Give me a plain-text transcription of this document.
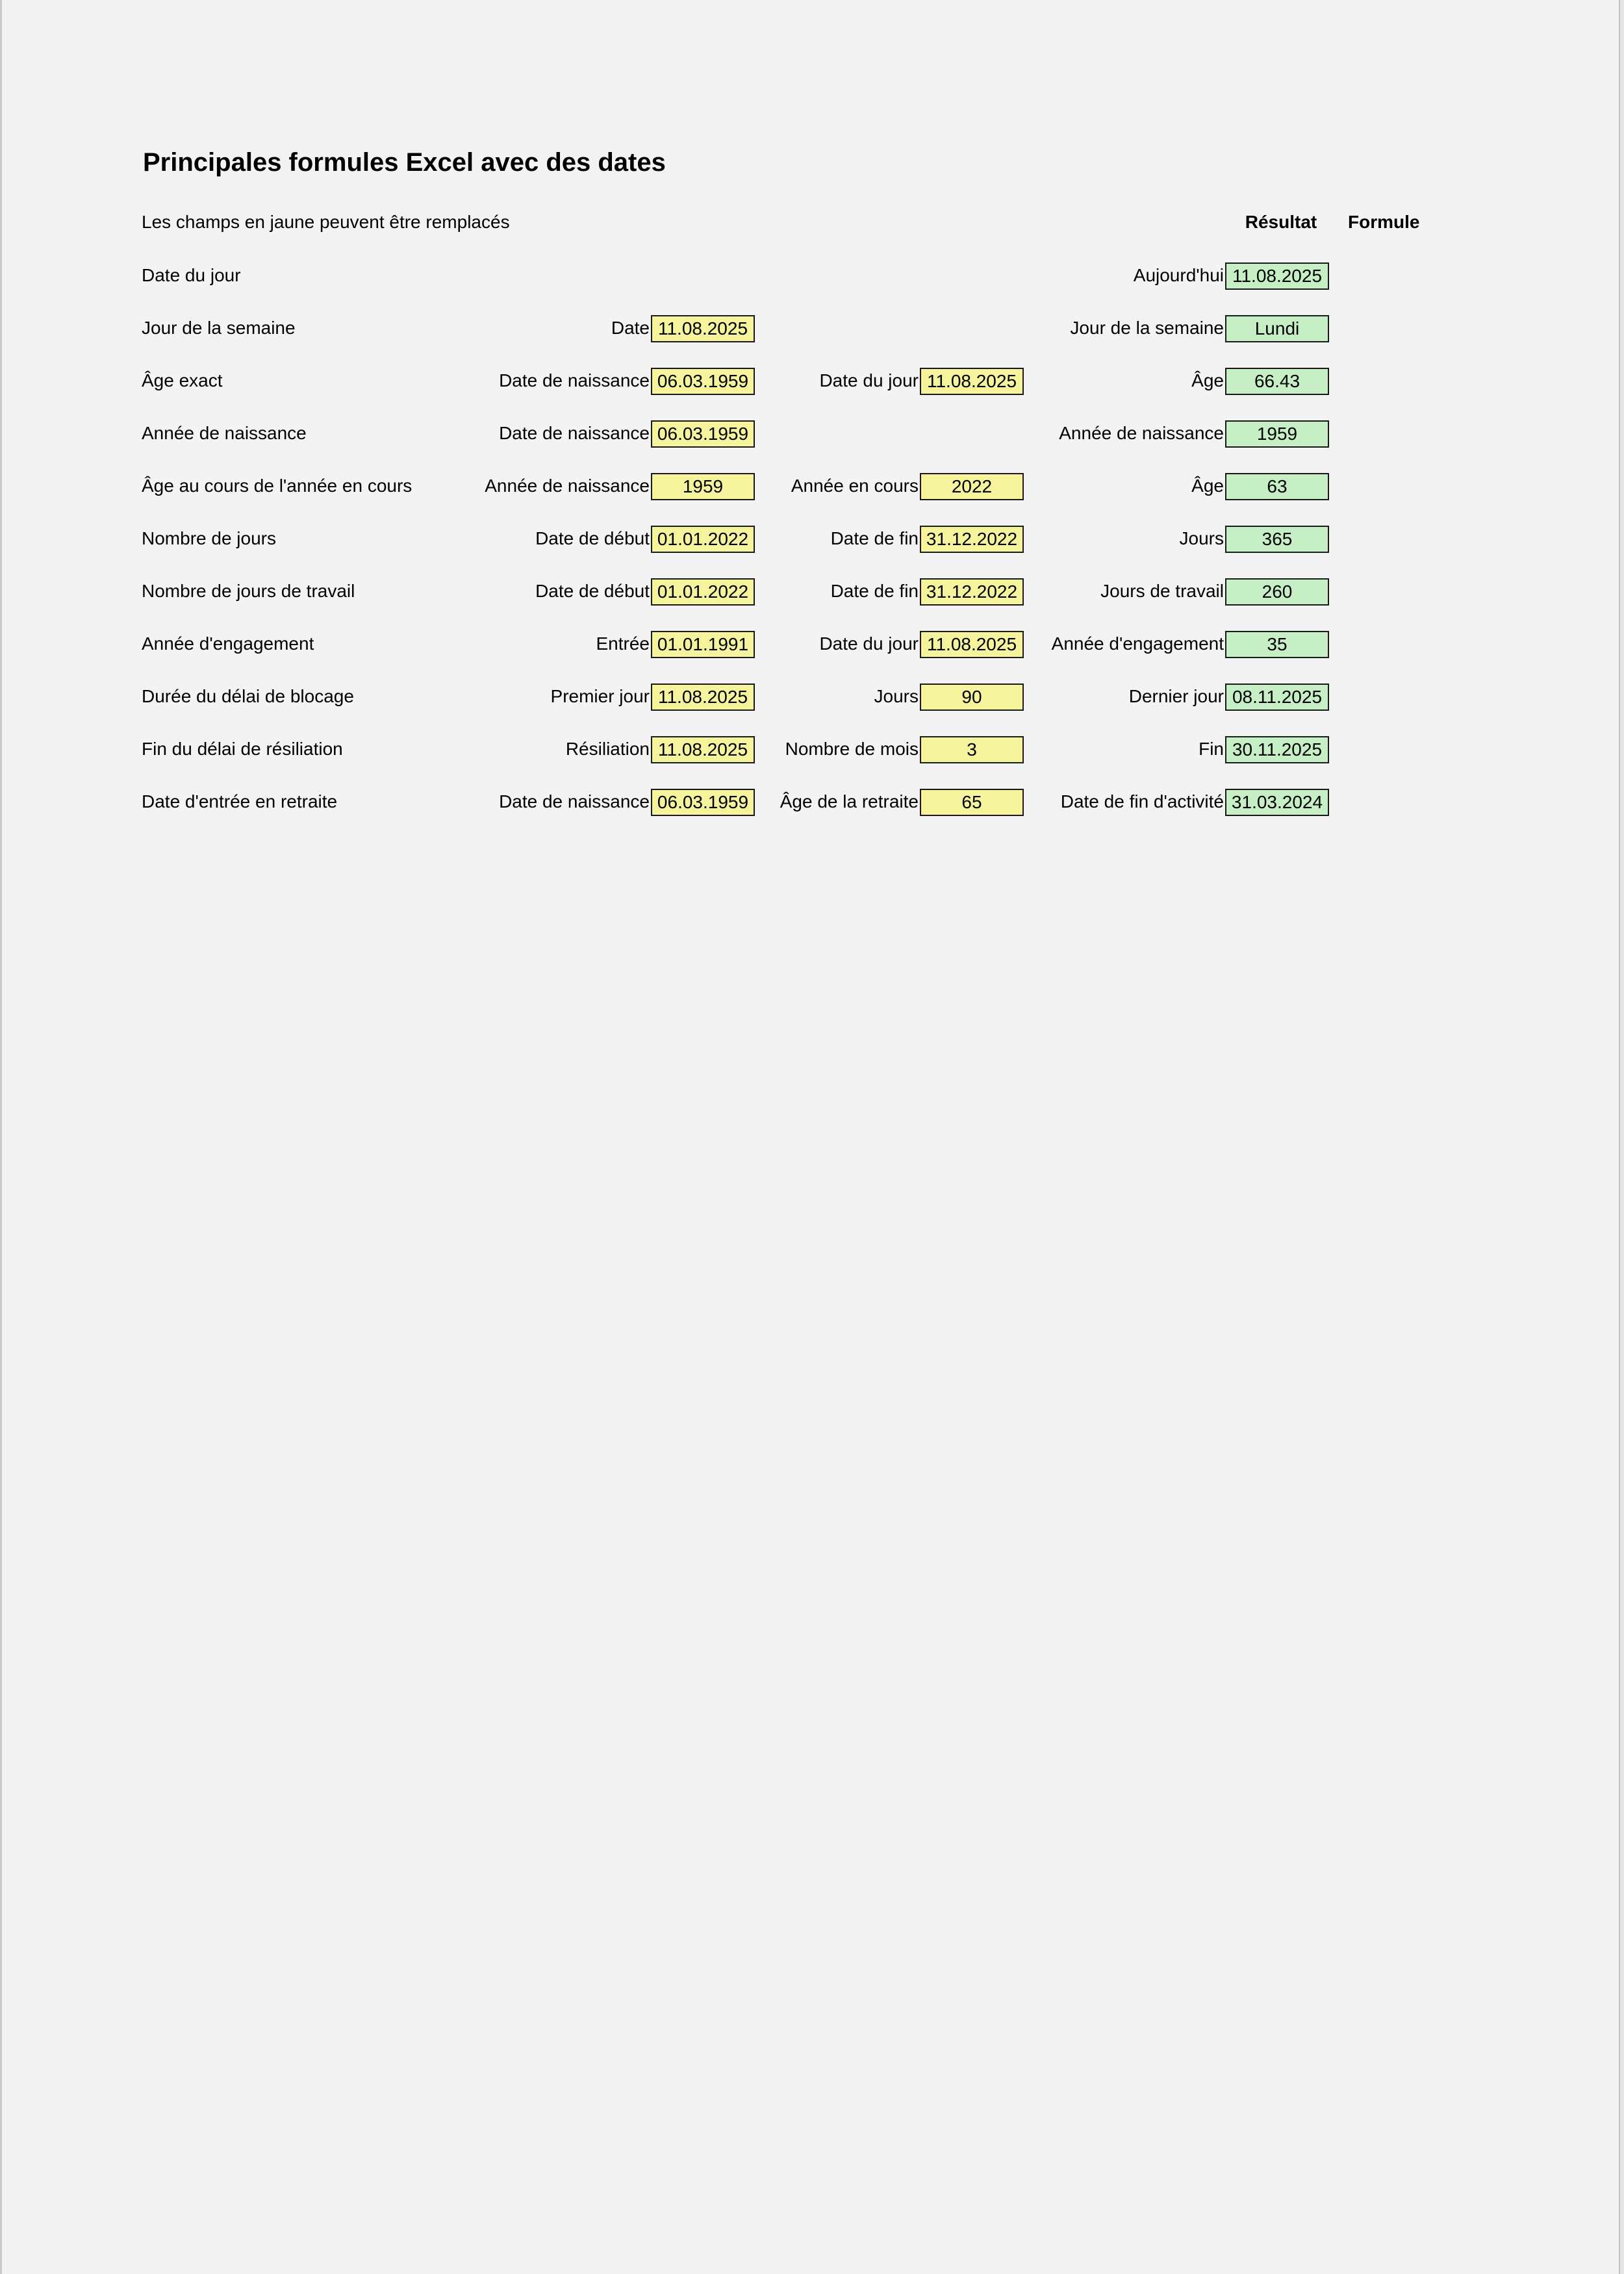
Principales formules Excel avec des dates
Les champs en jaune peuvent être remplacés	Résultat	Formule
Date du jour	Aujourd'hui 11.08.2025
Jour de la semaine	Date 11.08.2025	Jour de la semaine	Lundi
Âge exact	Date de naissance 06.03.1959	Date du jour 11.08.2025	Âge	66.43
Année de naissance	Date de naissance 06.03.1959	Année de naissance	1959
Âge au cours de l'année en cours	Année de naissance	1959	Année en cours	2022	Âge	63
Nombre de jours	Date de début 01.01.2022	Date de fin 31.12.2022	Jours	365
Nombre de jours de travail	Date de début 01.01.2022	Date de fin 31.12.2022	Jours de travail	260
Année d'engagement	Entrée 01.01.1991	Date du jour 11.08.2025	Année d'engagement	35
Durée du délai de blocage	Premier jour 11.08.2025	Jours	90	Dernier jour 08.11.2025
Fin du délai de résiliation	Résiliation 11.08.2025	Nombre de mois	3	Fin 30.11.2025
Date d'entrée en retraite	Date de naissance 06.03.1959	Âge de la retraite	65	Date de fin d'activité 31.03.2024
